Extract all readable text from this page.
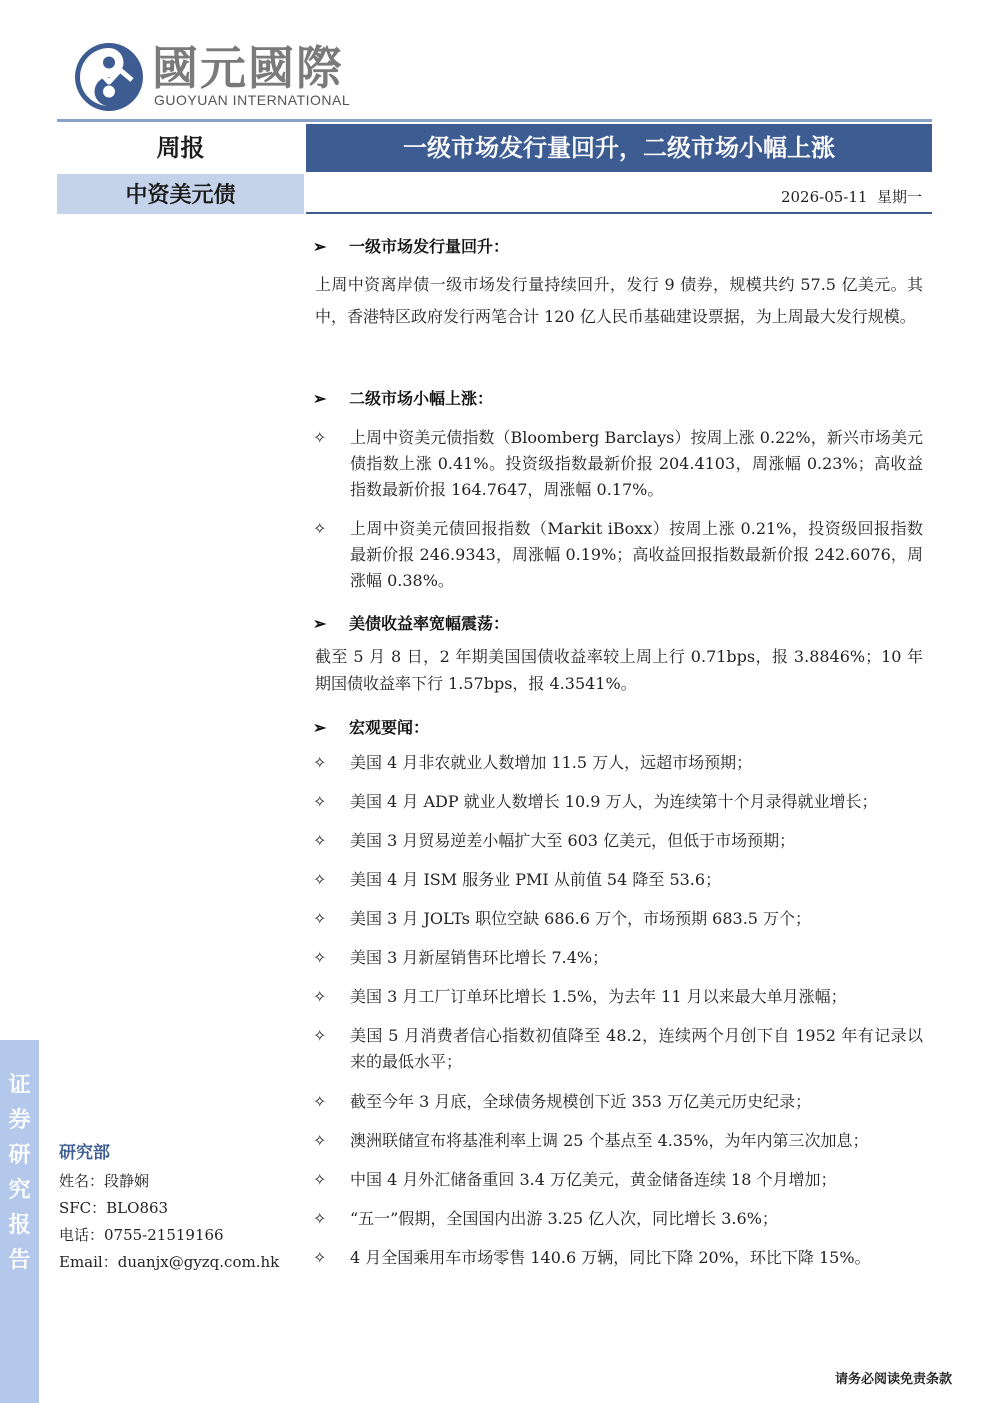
國元國際
GUOYUAN INTERNATIONAL
周报	一级市场发行量回升，二级市场小幅上涨
中资美元债	2026-05-11  星期一
证
券
研
究
报
告
研究部
姓名：段静娴
SFC：BLO863
电话：0755-21519166
Email：duanjx@gyzq.com.hk
➢ 一级市场发行量回升：
上周中资离岸债一级市场发行量持续回升，发行 9 债券，规模共约 57.5 亿美元。其中，香港特区政府发行两笔合计 120 亿人民币基础建设票据，为上周最大发行规模。
➢ 二级市场小幅上涨：
✧	上周中资美元债指数（Bloomberg Barclays）按周上涨 0.22%，新兴市场美元债指数上涨 0.41%。投资级指数最新价报 204.4103，周涨幅 0.23%；高收益指数最新价报 164.7647，周涨幅 0.17%。
✧	上周中资美元债回报指数（Markit iBoxx）按周上涨 0.21%，投资级回报指数最新价报 246.9343，周涨幅 0.19%；高收益回报指数最新价报 242.6076，周涨幅 0.38%。
➢ 美债收益率宽幅震荡：
截至 5 月 8 日，2 年期美国国债收益率较上周上行 0.71bps，报 3.8846%；10 年期国债收益率下行 1.57bps，报 4.3541%。
➢ 宏观要闻：
✧	美国 4 月非农就业人数增加 11.5 万人，远超市场预期；
✧	美国 4 月 ADP 就业人数增长 10.9 万人，为连续第十个月录得就业增长；
✧	美国 3 月贸易逆差小幅扩大至 603 亿美元，但低于市场预期；
✧	美国 4 月 ISM 服务业 PMI 从前值 54 降至 53.6；
✧	美国 3 月 JOLTs 职位空缺 686.6 万个，市场预期 683.5 万个；
✧	美国 3 月新屋销售环比增长 7.4%；
✧	美国 3 月工厂订单环比增长 1.5%，为去年 11 月以来最大单月涨幅；
✧	美国 5 月消费者信心指数初值降至 48.2，连续两个月创下自 1952 年有记录以来的最低水平；
✧	截至今年 3 月底，全球债务规模创下近 353 万亿美元历史纪录；
✧	澳洲联储宣布将基准利率上调 25 个基点至 4.35%，为年内第三次加息；
✧	中国 4 月外汇储备重回 3.4 万亿美元，黄金储备连续 18 个月增加；
✧	“五一”假期，全国国内出游 3.25 亿人次，同比增长 3.6%；
✧	4 月全国乘用车市场零售 140.6 万辆，同比下降 20%，环比下降 15%。
请务必阅读免责条款
